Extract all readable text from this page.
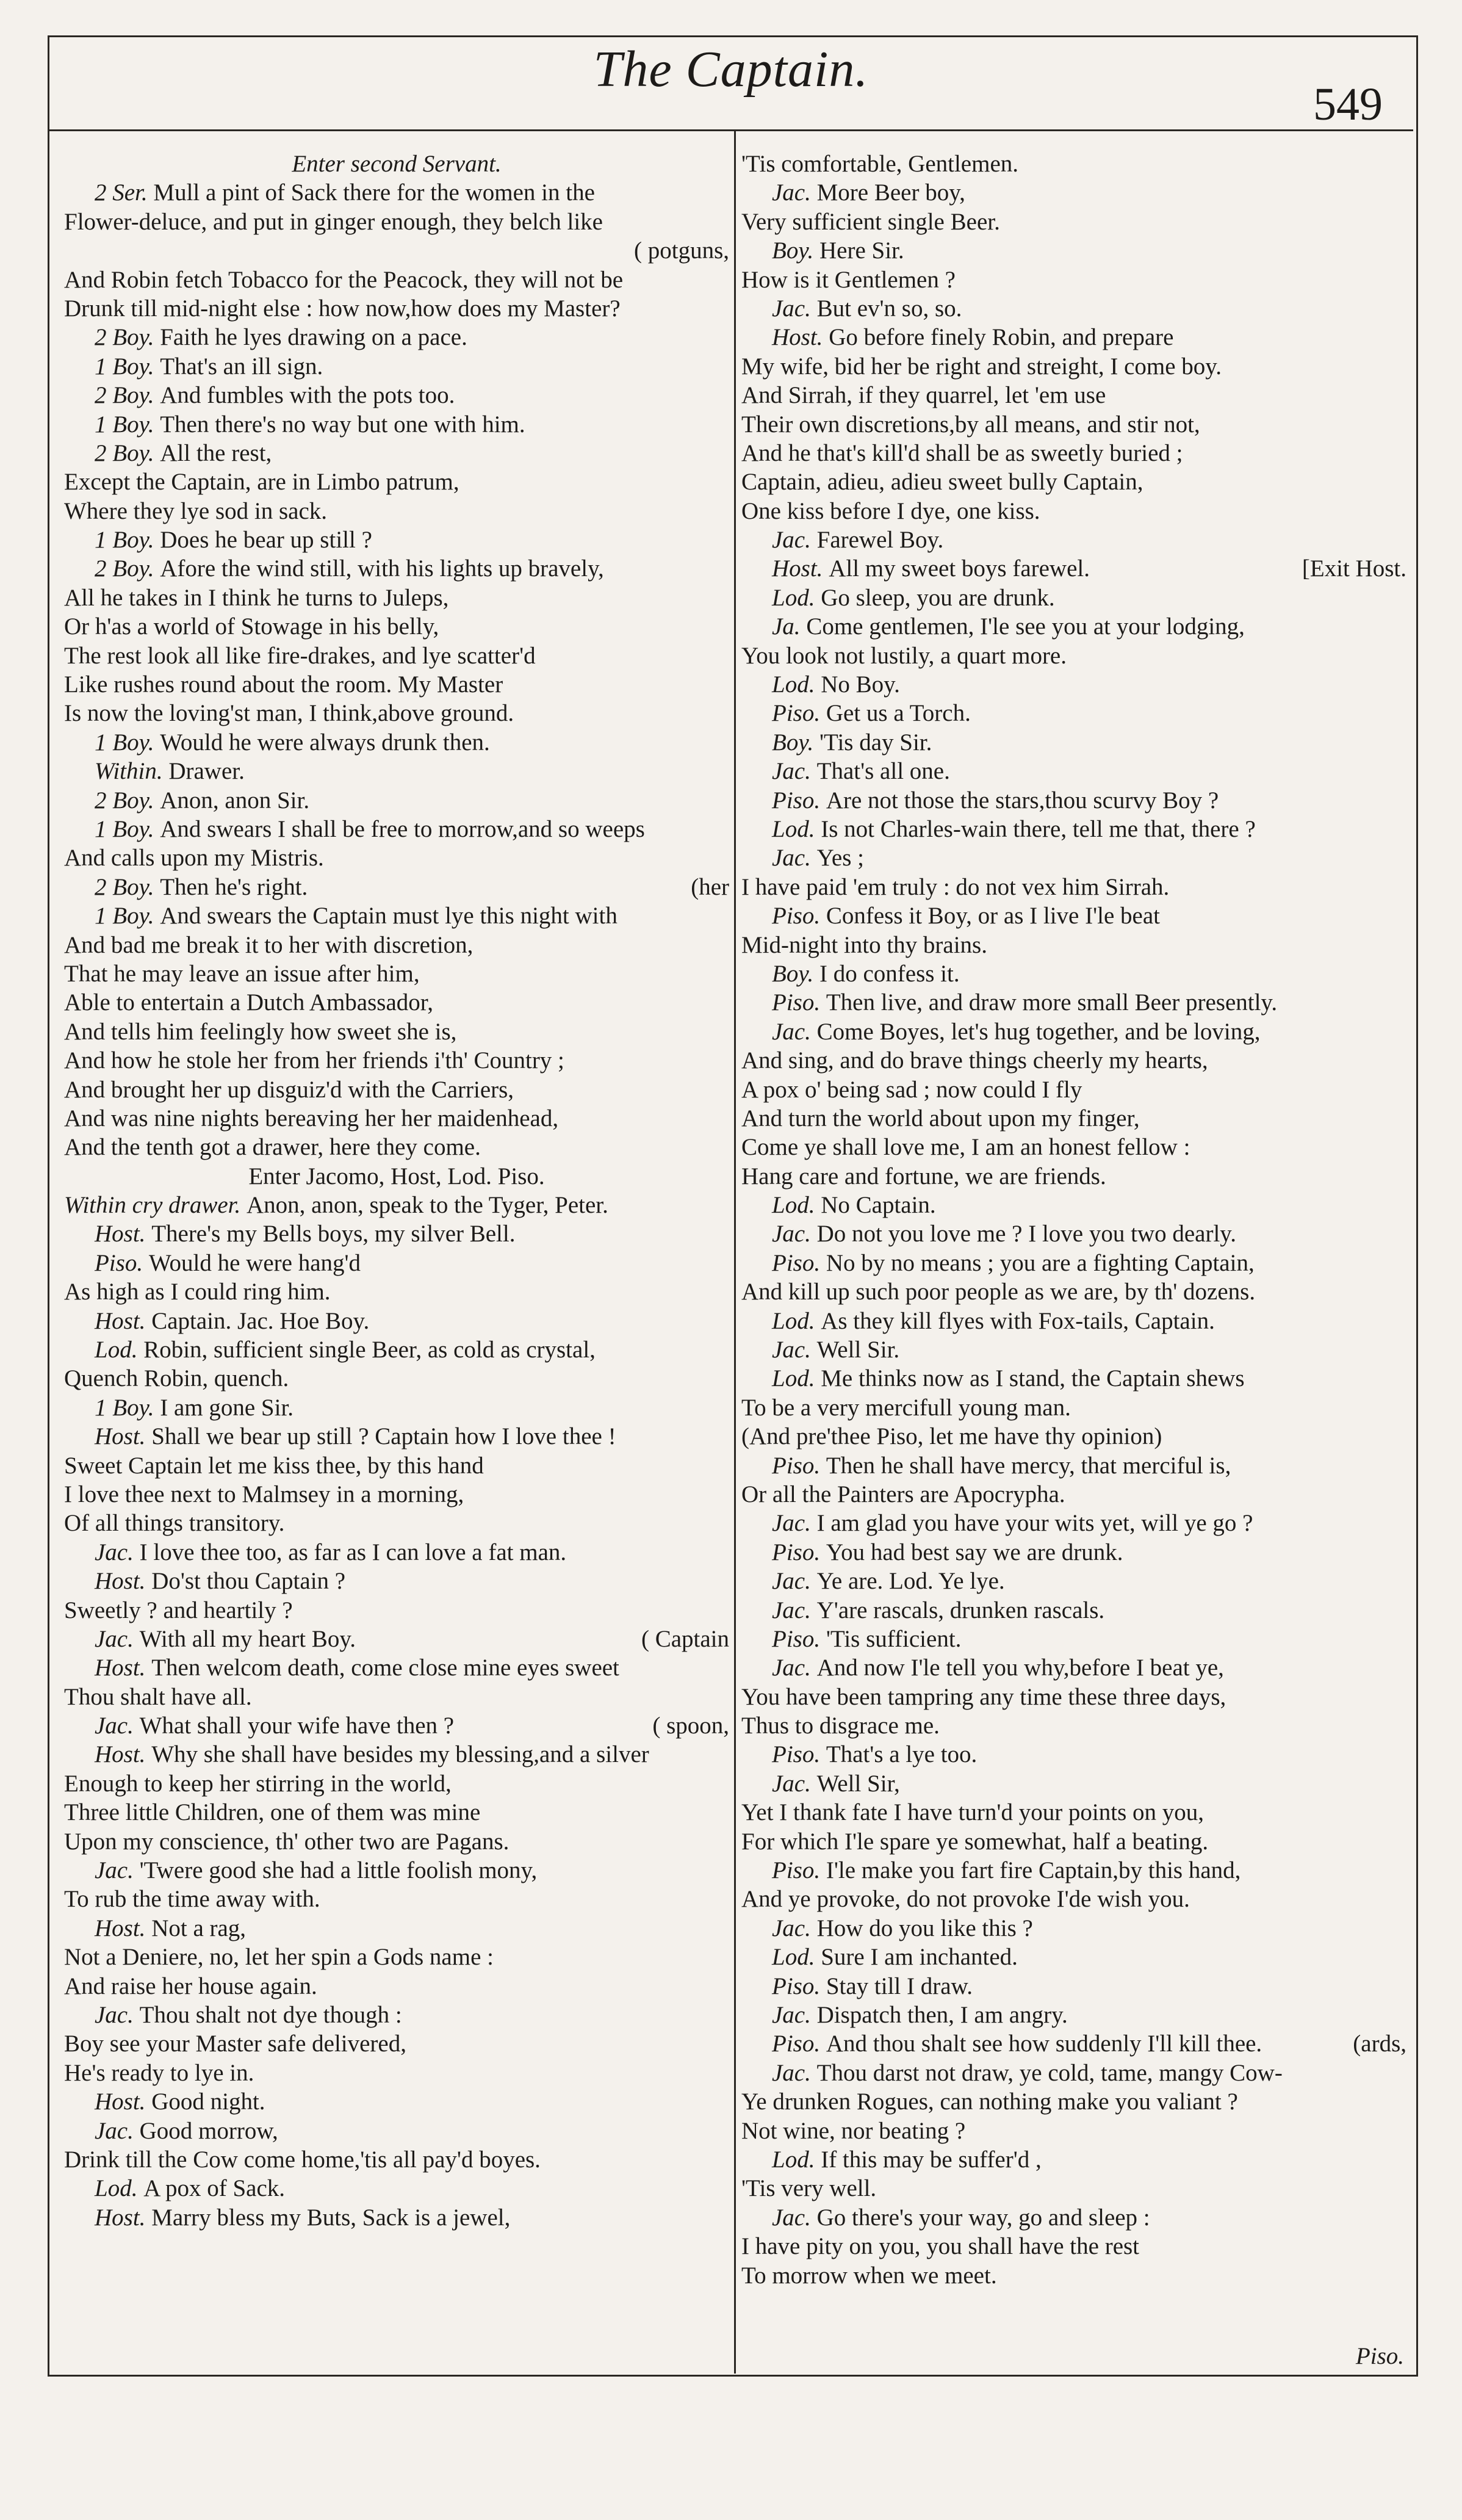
The Captain.
549
Enter second Servant.
2 Ser. Mull a pint of Sack there for the women in the
Flower-deluce, and put in ginger enough, they belch like
( potguns,
And Robin fetch Tobacco for the Peacock, they will not be
Drunk till mid-night else : how now,how does my Master?
2 Boy. Faith he lyes drawing on a pace.
1 Boy. That's an ill sign.
2 Boy. And fumbles with the pots too.
1 Boy. Then there's no way but one with him.
2 Boy. All the rest,
Except the Captain, are in Limbo patrum,
Where they lye sod in sack.
1 Boy. Does he bear up still ?
2 Boy. Afore the wind still, with his lights up bravely,
All he takes in I think he turns to Juleps,
Or h'as a world of Stowage in his belly,
The rest look all like fire-drakes, and lye scatter'd
Like rushes round about the room. My Master
Is now the loving'st man, I think,above ground.
1 Boy. Would he were always drunk then.
Within. Drawer.
2 Boy. Anon, anon Sir.
1 Boy. And swears I shall be free to morrow,and so weeps
And calls upon my Mistris.
(her
2 Boy. Then he's right.
1 Boy. And swears the Captain must lye this night with
And bad me break it to her with discretion,
That he may leave an issue after him,
Able to entertain a Dutch Ambassador,
And tells him feelingly how sweet she is,
And how he stole her from her friends i'th' Country ;
And brought her up disguiz'd with the Carriers,
And was nine nights bereaving her her maidenhead,
And the tenth got a drawer, here they come.
Enter Jacomo, Host, Lod. Piso.
Within cry drawer. Anon, anon, speak to the Tyger, Peter.
Host. There's my Bells boys, my silver Bell.
Piso. Would he were hang'd
As high as I could ring him.
Host. Captain. Jac. Hoe Boy.
Lod. Robin, sufficient single Beer, as cold as crystal,
Quench Robin, quench.
1 Boy. I am gone Sir.
Host. Shall we bear up still ? Captain how I love thee !
Sweet Captain let me kiss thee, by this hand
I love thee next to Malmsey in a morning,
Of all things transitory.
Jac. I love thee too, as far as I can love a fat man.
Host. Do'st thou Captain ?
Sweetly ? and heartily ?
( Captain
Jac. With all my heart Boy.
Host. Then welcom death, come close mine eyes sweet
Thou shalt have all.
( spoon,
Jac. What shall your wife have then ?
Host. Why she shall have besides my blessing,and a silver
Enough to keep her stirring in the world,
Three little Children, one of them was mine
Upon my conscience, th' other two are Pagans.
Jac. 'Twere good she had a little foolish mony,
To rub the time away with.
Host. Not a rag,
Not a Deniere, no, let her spin a Gods name :
And raise her house again.
Jac. Thou shalt not dye though :
Boy see your Master safe delivered,
He's ready to lye in.
Host. Good night.
Jac. Good morrow,
Drink till the Cow come home,'tis all pay'd boyes.
Lod. A pox of Sack.
Host. Marry bless my Buts, Sack is a jewel,
'Tis comfortable, Gentlemen.
Jac. More Beer boy,
Very sufficient single Beer.
Boy. Here Sir.
How is it Gentlemen ?
Jac. But ev'n so, so.
Host. Go before finely Robin, and prepare
My wife, bid her be right and streight, I come boy.
And Sirrah, if they quarrel, let 'em use
Their own discretions,by all means, and stir not,
And he that's kill'd shall be as sweetly buried ;
Captain, adieu, adieu sweet bully Captain,
One kiss before I dye, one kiss.
Jac. Farewel Boy.
[Exit Host.
Host. All my sweet boys farewel.
Lod. Go sleep, you are drunk.
Ja. Come gentlemen, I'le see you at your lodging,
You look not lustily, a quart more.
Lod. No Boy.
Piso. Get us a Torch.
Boy. 'Tis day Sir.
Jac. That's all one.
Piso. Are not those the stars,thou scurvy Boy ?
Lod. Is not Charles-wain there, tell me that, there ?
Jac. Yes ;
I have paid 'em truly : do not vex him Sirrah.
Piso. Confess it Boy, or as I live I'le beat
Mid-night into thy brains.
Boy. I do confess it.
Piso. Then live, and draw more small Beer presently.
Jac. Come Boyes, let's hug together, and be loving,
And sing, and do brave things cheerly my hearts,
A pox o' being sad ; now could I fly
And turn the world about upon my finger,
Come ye shall love me, I am an honest fellow :
Hang care and fortune, we are friends.
Lod. No Captain.
Jac. Do not you love me ? I love you two dearly.
Piso. No by no means ; you are a fighting Captain,
And kill up such poor people as we are, by th' dozens.
Lod. As they kill flyes with Fox-tails, Captain.
Jac. Well Sir.
Lod. Me thinks now as I stand, the Captain shews
To be a very mercifull young man.
(And pre'thee Piso, let me have thy opinion)
Piso. Then he shall have mercy, that merciful is,
Or all the Painters are Apocrypha.
Jac. I am glad you have your wits yet, will ye go ?
Piso. You had best say we are drunk.
Jac. Ye are. Lod. Ye lye.
Jac. Y'are rascals, drunken rascals.
Piso. 'Tis sufficient.
Jac. And now I'le tell you why,before I beat ye,
You have been tampring any time these three days,
Thus to disgrace me.
Piso. That's a lye too.
Jac. Well Sir,
Yet I thank fate I have turn'd your points on you,
For which I'le spare ye somewhat, half a beating.
Piso. I'le make you fart fire Captain,by this hand,
And ye provoke, do not provoke I'de wish you.
Jac. How do you like this ?
Lod. Sure I am inchanted.
Piso. Stay till I draw.
Jac. Dispatch then, I am angry.
(ards,
Piso. And thou shalt see how suddenly I'll kill thee.
Jac. Thou darst not draw, ye cold, tame, mangy Cow-
Ye drunken Rogues, can nothing make you valiant ?
Not wine, nor beating ?
Lod. If this may be suffer'd ,
'Tis very well.
Jac. Go there's your way, go and sleep :
I have pity on you, you shall have the rest
To morrow when we meet.
Piso.
